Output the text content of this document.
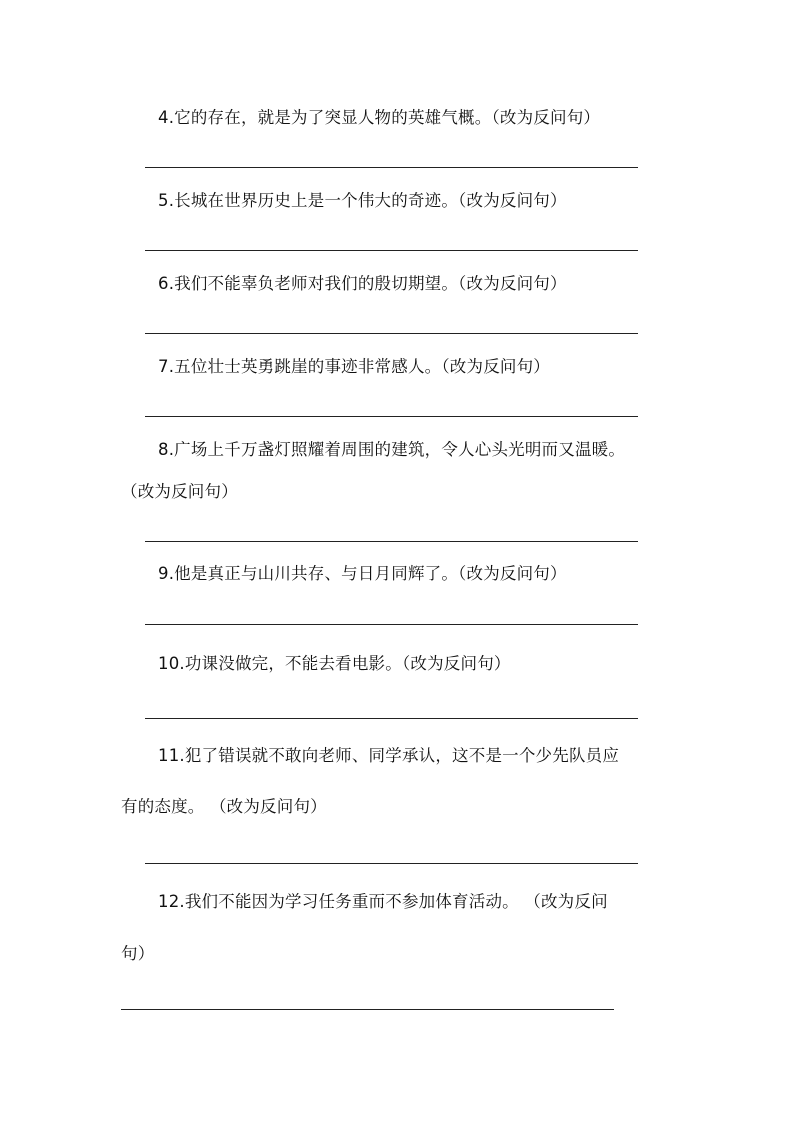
4.它的存在，就是为了突显人物的英雄气概。（改为反问句）
5.长城在世界历史上是一个伟大的奇迹。（改为反问句）
6.我们不能辜负老师对我们的殷切期望。（改为反问句）
7.五位壮士英勇跳崖的事迹非常感人。（改为反问句）
8.广场上千万盏灯照耀着周围的建筑，令人心头光明而又温暖。
（改为反问句）
9.他是真正与山川共存、与日月同辉了。（改为反问句）
10.功课没做完，不能去看电影。（改为反问句）
11.犯了错误就不敢向老师、同学承认，这不是一个少先队员应
有的态度。 （改为反问句）
12.我们不能因为学习任务重而不参加体育活动。 （改为反问
句）
